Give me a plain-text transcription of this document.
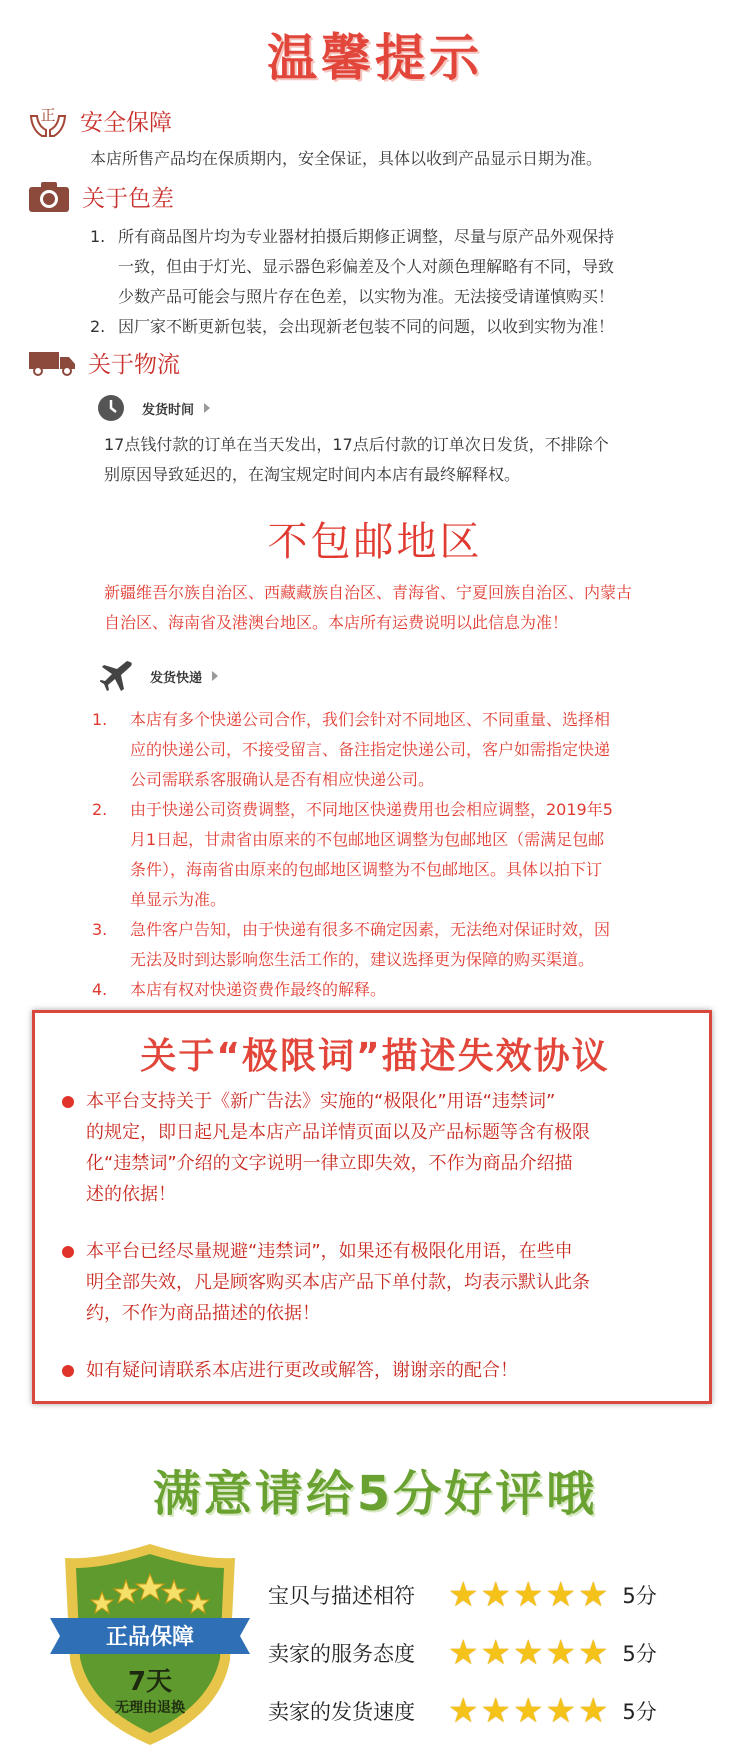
温馨提示
正 安全保障
本店所售产品均在保质期内，安全保证，具体以收到产品显示日期为准。
关于色差
1. 所有商品图片均为专业器材拍摄后期修正调整，尽量与原产品外观保持
一致，但由于灯光、显示器色彩偏差及个人对颜色理解略有不同，导致
少数产品可能会与照片存在色差，以实物为准。无法接受请谨慎购买！
2. 因厂家不断更新包装，会出现新老包装不同的问题，以收到实物为准！
关于物流
发货时间
17点钱付款的订单在当天发出，17点后付款的订单次日发货，不排除个
别原因导致延迟的，在淘宝规定时间内本店有最终解释权。
不包邮地区
新疆维吾尔族自治区、西藏藏族自治区、青海省、宁夏回族自治区、内蒙古
自治区、海南省及港澳台地区。本店所有运费说明以此信息为准！
发货快递
1.	本店有多个快递公司合作，我们会针对不同地区、不同重量、选择相
应的快递公司，不接受留言、备注指定快递公司，客户如需指定快递
公司需联系客服确认是否有相应快递公司。
2.	由于快递公司资费调整，不同地区快递费用也会相应调整，2019年5
月1日起，甘肃省由原来的不包邮地区调整为包邮地区（需满足包邮
条件），海南省由原来的包邮地区调整为不包邮地区。具体以拍下订
单显示为准。
3.	急件客户告知，由于快递有很多不确定因素，无法绝对保证时效，因
无法及时到达影响您生活工作的，建议选择更为保障的购买渠道。
4.	本店有权对快递资费作最终的解释。
关于“极限词”描述失效协议
本平台支持关于《新广告法》实施的“极限化”用语“违禁词”
的规定，即日起凡是本店产品详情页面以及产品标题等含有极限
化“违禁词”介绍的文字说明一律立即失效，不作为商品介绍描
述的依据！
本平台已经尽量规避“违禁词”，如果还有极限化用语，在些申
明全部失效，凡是顾客购买本店产品下单付款，均表示默认此条
约，不作为商品描述的依据！
如有疑问请联系本店进行更改或解答，谢谢亲的配合！
满意请给5分好评哦
正品保障
7天
无理由退换
宝贝与描述相符 ★★★★★ 5分
卖家的服务态度 ★★★★★ 5分
卖家的发货速度 ★★★★★ 5分
